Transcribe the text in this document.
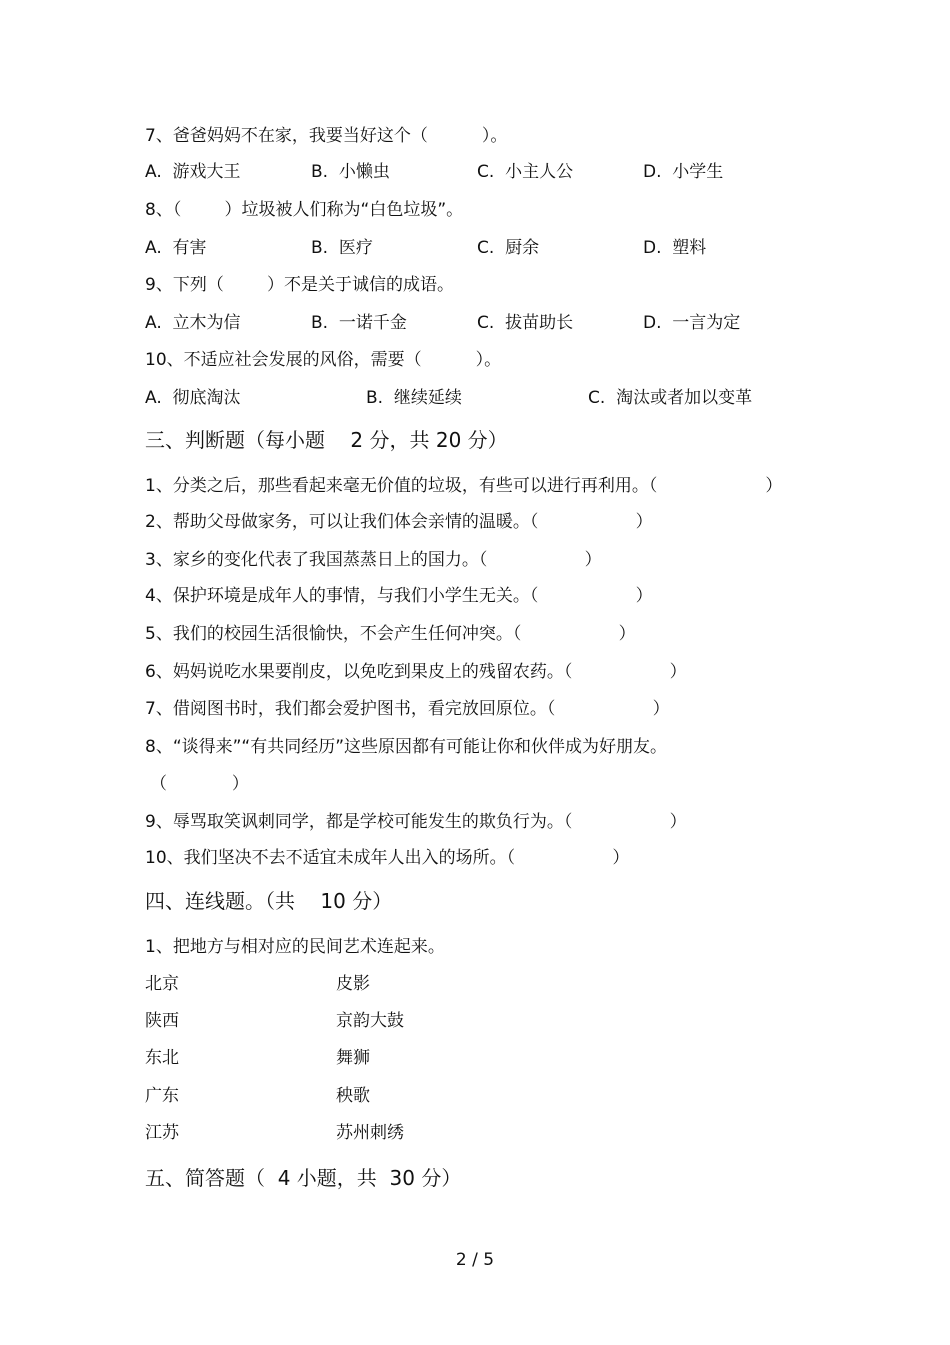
7、爸爸妈妈不在家，我要当好这个（          ）。
A.  游戏大王	B.  小懒虫	C.  小主人公	D.  小学生
8、（        ）垃圾被人们称为“白色垃圾”。
A.  有害	B.  医疗	C.  厨余	D.  塑料
9、下列（        ）不是关于诚信的成语。
A.  立木为信	B.  一诺千金	C.  拔苗助长	D.  一言为定
10、不适应社会发展的风俗，需要（          ）。
A.  彻底淘汰	B.  继续延续	C.  淘汰或者加以变革
三、判断题（每小题    2 分，共 20 分）
1、分类之后，那些看起来毫无价值的垃圾，有些可以进行再利用。（                    ）
2、帮助父母做家务，可以让我们体会亲情的温暖。（                  ）
3、家乡的变化代表了我国蒸蒸日上的国力。（                  ）
4、保护环境是成年人的事情，与我们小学生无关。（                  ）
5、我们的校园生活很愉快，不会产生任何冲突。（                  ）
6、妈妈说吃水果要削皮，以免吃到果皮上的残留农药。（                  ）
7、借阅图书时，我们都会爱护图书，看完放回原位。（                  ）
8、“谈得来”“有共同经历”这些原因都有可能让你和伙伴成为好朋友。
（            ）
9、辱骂取笑讽刺同学，都是学校可能发生的欺负行为。（                  ）
10、我们坚决不去不适宜未成年人出入的场所。（                  ）
四、连线题。（共    10 分）
1、把地方与相对应的民间艺术连起来。
北京	皮影
陕西	京韵大鼓
东北	舞狮
广东	秧歌
江苏	苏州刺绣
五、简答题（  4 小题，共  30 分）
2 / 5
